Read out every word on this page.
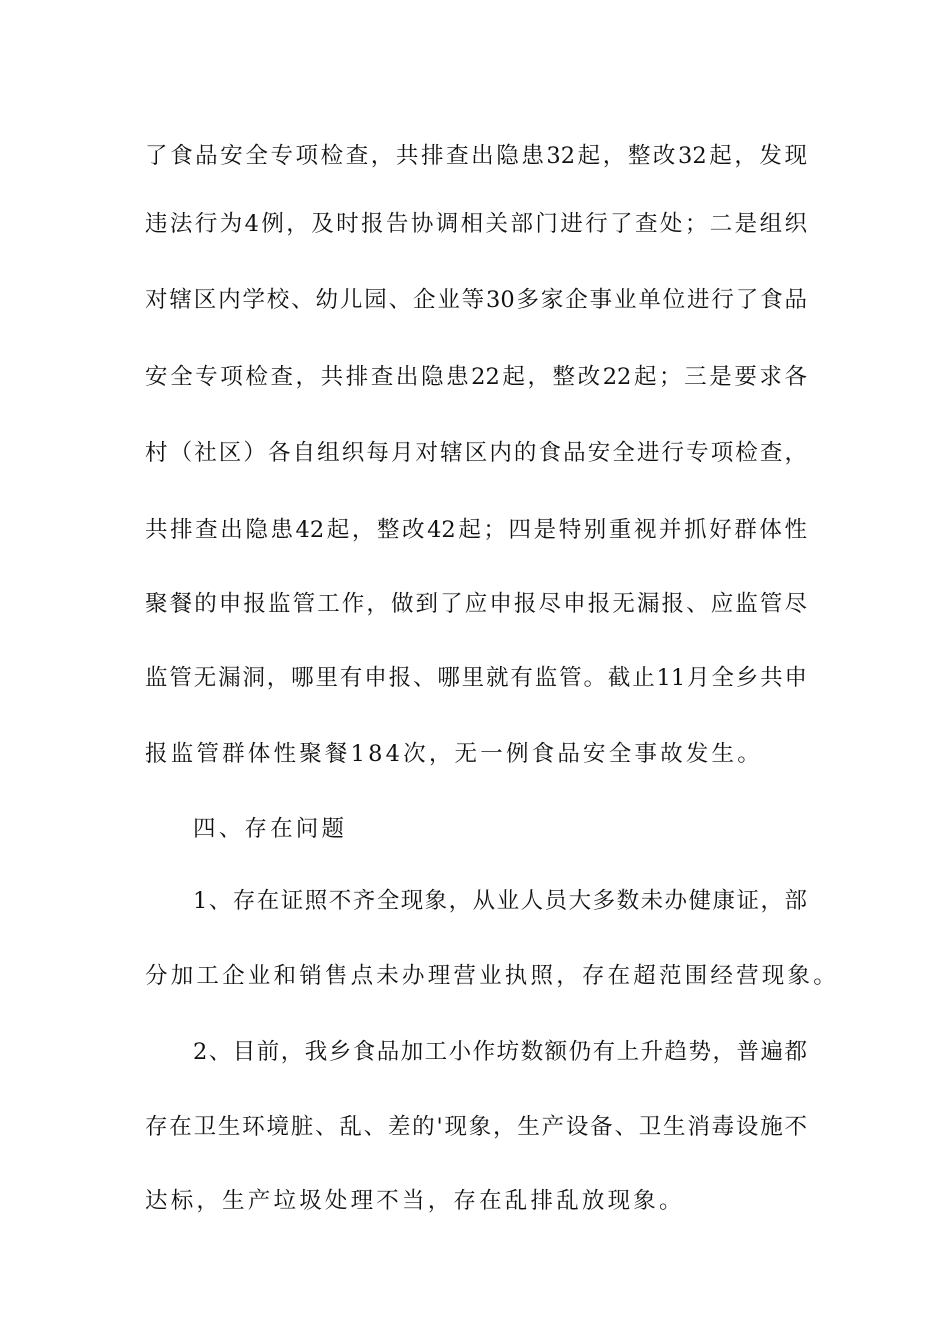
了食品安全专项检查，共排查出隐患32起，整改32起，发现
违法行为4例，及时报告协调相关部门进行了查处；二是组织
对辖区内学校、幼儿园、企业等30多家企事业单位进行了食品
安全专项检查，共排查出隐患22起，整改22起；三是要求各
村（社区）各自组织每月对辖区内的食品安全进行专项检查，
共排查出隐患42起，整改42起；四是特别重视并抓好群体性
聚餐的申报监管工作，做到了应申报尽申报无漏报、应监管尽
监管无漏洞，哪里有申报、哪里就有监管。截止11月全乡共申
报监管群体性聚餐184次，无一例食品安全事故发生。
四、存在问题
1、存在证照不齐全现象，从业人员大多数未办健康证，部
分加工企业和销售点未办理营业执照，存在超范围经营现象。
2、目前，我乡食品加工小作坊数额仍有上升趋势，普遍都
存在卫生环境脏、乱、差的'现象，生产设备、卫生消毒设施不
达标，生产垃圾处理不当，存在乱排乱放现象。
